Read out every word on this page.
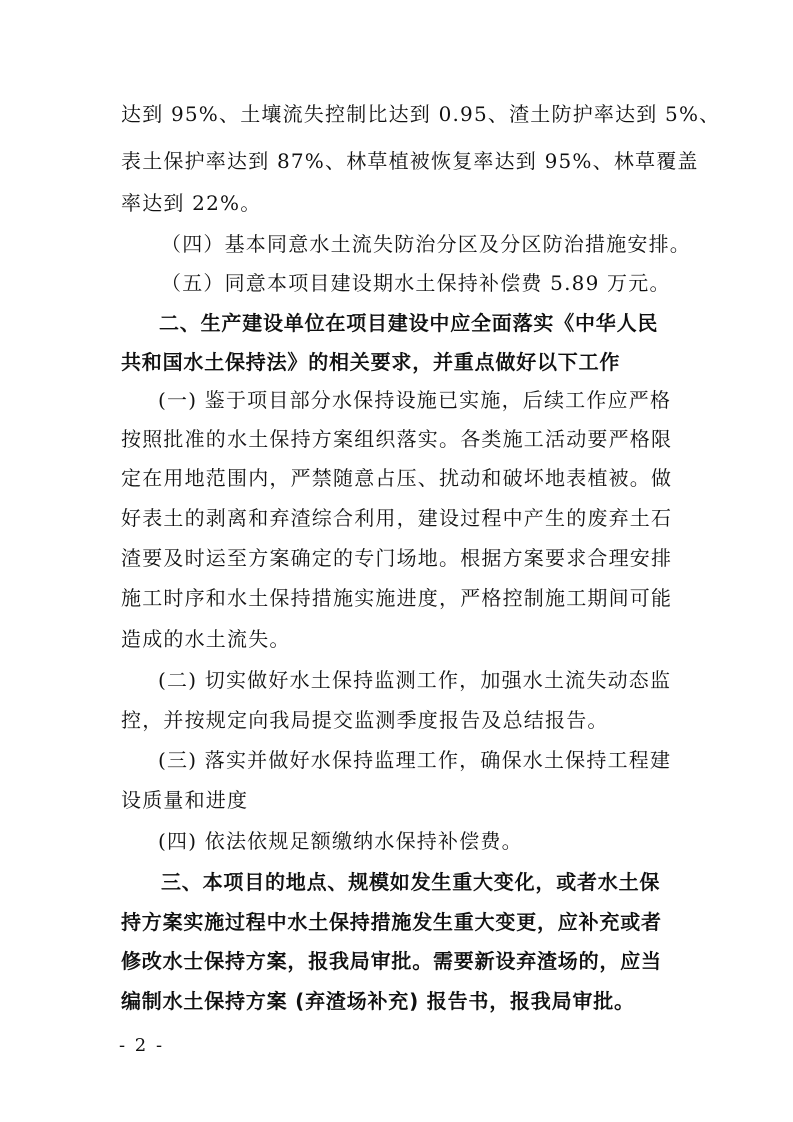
达到 95%、土壤流失控制比达到 0.95、渣土防护率达到 5%、
表土保护率达到 87%、林草植被恢复率达到 95%、林草覆盖
率达到 22%。
（四）基本同意水土流失防治分区及分区防治措施安排。
（五）同意本项目建设期水土保持补偿费 5.89 万元。
二、生产建设单位在项目建设中应全面落实《中华人民
共和国水土保持法》的相关要求，并重点做好以下工作
(一) 鉴于项目部分水保持设施已实施，后续工作应严格
按照批准的水土保持方案组织落实。各类施工活动要严格限
定在用地范围内，严禁随意占压、扰动和破坏地表植被。做
好表土的剥离和弃渣综合利用，建设过程中产生的废弃土石
渣要及时运至方案确定的专门场地。根据方案要求合理安排
施工时序和水土保持措施实施进度，严格控制施工期间可能
造成的水土流失。
(二) 切实做好水土保持监测工作，加强水土流失动态监
控，并按规定向我局提交监测季度报告及总结报告。
(三) 落实并做好水保持监理工作，确保水土保持工程建
设质量和进度
(四) 依法依规足额缴纳水保持补偿费。
三、本项目的地点、规模如发生重大变化，或者水土保
持方案实施过程中水土保持措施发生重大变更，应补充或者
修改水士保持方案，报我局审批。需要新设弃渣场的，应当
编制水土保持方案 (弃渣场补充) 报告书，报我局审批。
- 2 -
